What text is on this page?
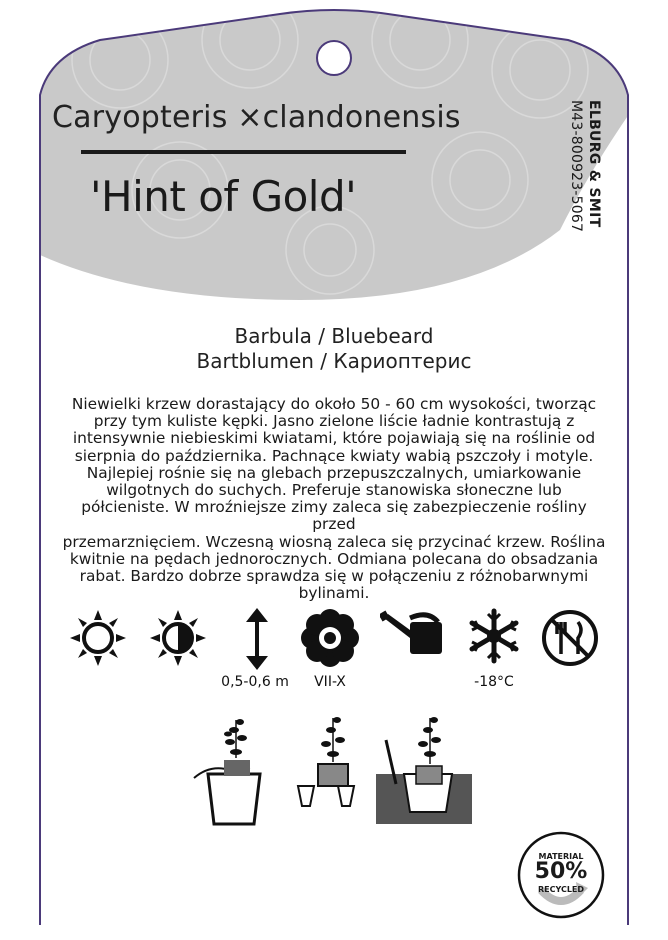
Caryopteris ×clandonensis
'Hint of Gold'	ELBURG & SMIT
M43-800923-5067
Barbula / Bluebeard
Bartblumen / Кариоптерис
Niewielki krzew dorastający do około 50 - 60 cm wysokości, tworząc
przy tym kuliste kępki. Jasno zielone liście ładnie kontrastują z
intensywnie niebieskimi kwiatami, które pojawiają się na roślinie od
sierpnia do października. Pachnące kwiaty wabią pszczoły i motyle.
Najlepiej rośnie się na glebach przepuszczalnych, umiarkowanie
wilgotnych do suchych. Preferuje stanowiska słoneczne lub
półcieniste. W mroźniejsze zimy zaleca się zabezpieczenie rośliny przed
przemarznięciem. Wczesną wiosną zaleca się przycinać krzew. Roślina
kwitnie na pędach jednorocznych. Odmiana polecana do obsadzania
rabat. Bardzo dobrze sprawdza się w połączeniu z różnobarwnymi
bylinami.
0,5-0,6 m	VII-X	-18°C
MATERIAL
50%
RECYCLED
